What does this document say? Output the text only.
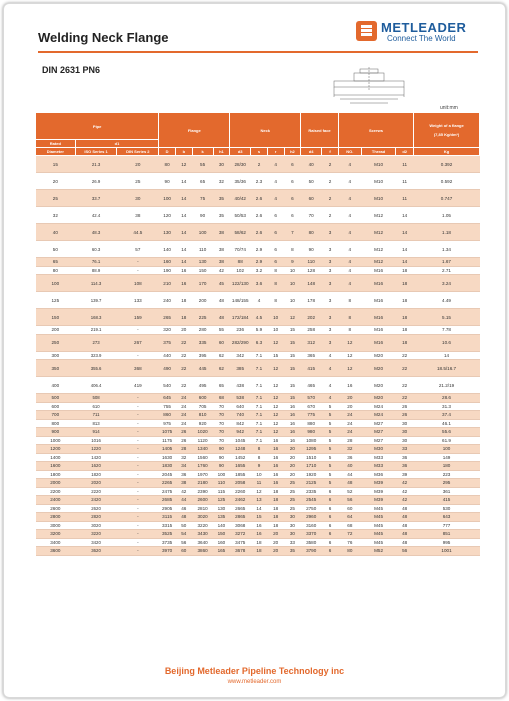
Welding Neck Flange
METLEADER
Connect The World
DIN 2631 PN6
unit:mm
Pipe			Flange				Neck				Raised face		Screws			Weight of a flange
(7,85 Kg/dm³)

Rated	d1															
Diameter	ISO Series 1	DIN Series 2	D	b	k	h1	d3	s	r	h2	d4	f	NO.	Thread	d2	Kg
15	21.3	20	80	12	55	30	28/30	2	4	6	40	2	4	M10	11	0.392
20	26.9	25	90	14	65	32	35/36	2.3	4	6	50	2	4	M10	11	0.592
25	33.7	30	100	14	75	35	40/42	2.6	4	6	60	2	4	M10	11	0.747
32	42.4	38	120	14	90	35	50/53	2.6	6	6	70	2	4	M12	14	1.05
40	48.3	44.5	130	14	100	38	58/62	2.6	6	7	80	3	4	M12	14	1.18
50	60.3	57	140	14	110	38	70/74	2.9	6	8	90	3	4	M12	14	1.34
65	76.1	-	160	14	130	38	88	2.9	6	9	110	3	4	M12	14	1.67
80	88.9	-	190	16	150	42	102	3.2	8	10	128	3	4	M16	18	2.71
100	114.3	108	210	16	170	45	122/130	3.6	8	10	148	3	4	M16	18	3.24
125	139.7	133	240	18	200	48	148/155	4	8	10	178	3	8	M16	18	4.49
150	168.3	159	265	18	225	48	172/184	4.5	10	12	202	3	8	M16	18	5.15
200	219.1	-	320	20	280	55	236	5.9	10	15	258	3	8	M16	18	7.78
250	273	267	375	22	335	60	282/290	6.3	12	15	312	3	12	M16	18	10.6
300	323.9	-	440	22	395	62	342	7.1	15	15	365	4	12	M20	22	14
350	355.6	368	490	22	445	62	385	7.1	12	15	415	4	12	M20	22	18.5/16.7
400	406.4	419	540	22	495	65	438	7.1	12	15	465	4	16	M20	22	21.2/19
500	508	-	645	24	600	68	538	7.1	12	15	570	4	20	M20	22	28.6
600	610	-	755	24	705	70	640	7.1	12	16	670	5	20	M24	26	31.3
700	711	-	860	24	810	70	740	7.1	12	16	775	5	24	M24	26	37.4
800	813	-	975	24	920	70	842	7.1	12	16	880	5	24	M27	30	46.1
900	914	-	1075	26	1020	70	942	7.1	12	16	980	5	24	M27	30	55.6
1000	1016	-	1175	26	1120	70	1045	7.1	16	16	1080	5	28	M27	30	61.9
1200	1220	-	1405	28	1340	90	1248	8	16	20	1295	5	32	M30	33	100
1400	1420	-	1630	32	1560	90	1452	8	16	20	1510	5	36	M33	36	149
1600	1620	-	1830	34	1760	90	1655	9	16	20	1710	5	40	M33	36	180
1800	1820	-	2045	36	1970	100	1855	10	16	20	1920	5	44	M36	39	223
2000	2020	-	2265	38	2180	110	2058	11	16	25	2125	5	48	M39	42	295
2200	2220	-	2475	42	2390	115	2260	12	18	25	2335	6	52	M39	42	361
2400	2420	-	2685	44	2600	125	2462	13	18	25	2545	6	56	M39	42	415
2600	2620	-	2905	46	2810	130	2665	14	18	25	2750	6	60	M45	48	530
2800	2820	-	3115	48	3020	135	2865	15	18	30	2960	6	64	M45	48	643
3000	3020	-	3315	50	3220	140	3068	16	18	30	3160	6	68	M45	48	777
3200	3220	-	3525	54	3430	150	3272	16	20	30	3370	6	72	M45	48	851
3400	3420	-	3735	56	3640	160	3475	18	20	33	3580	6	76	M45	48	995
3600	3620	-	3970	60	3860	165	3678	18	20	35	3790	6	80	M52	56	1001
Beijing Metleader Pipeline Technology inc
www.metleader.com
